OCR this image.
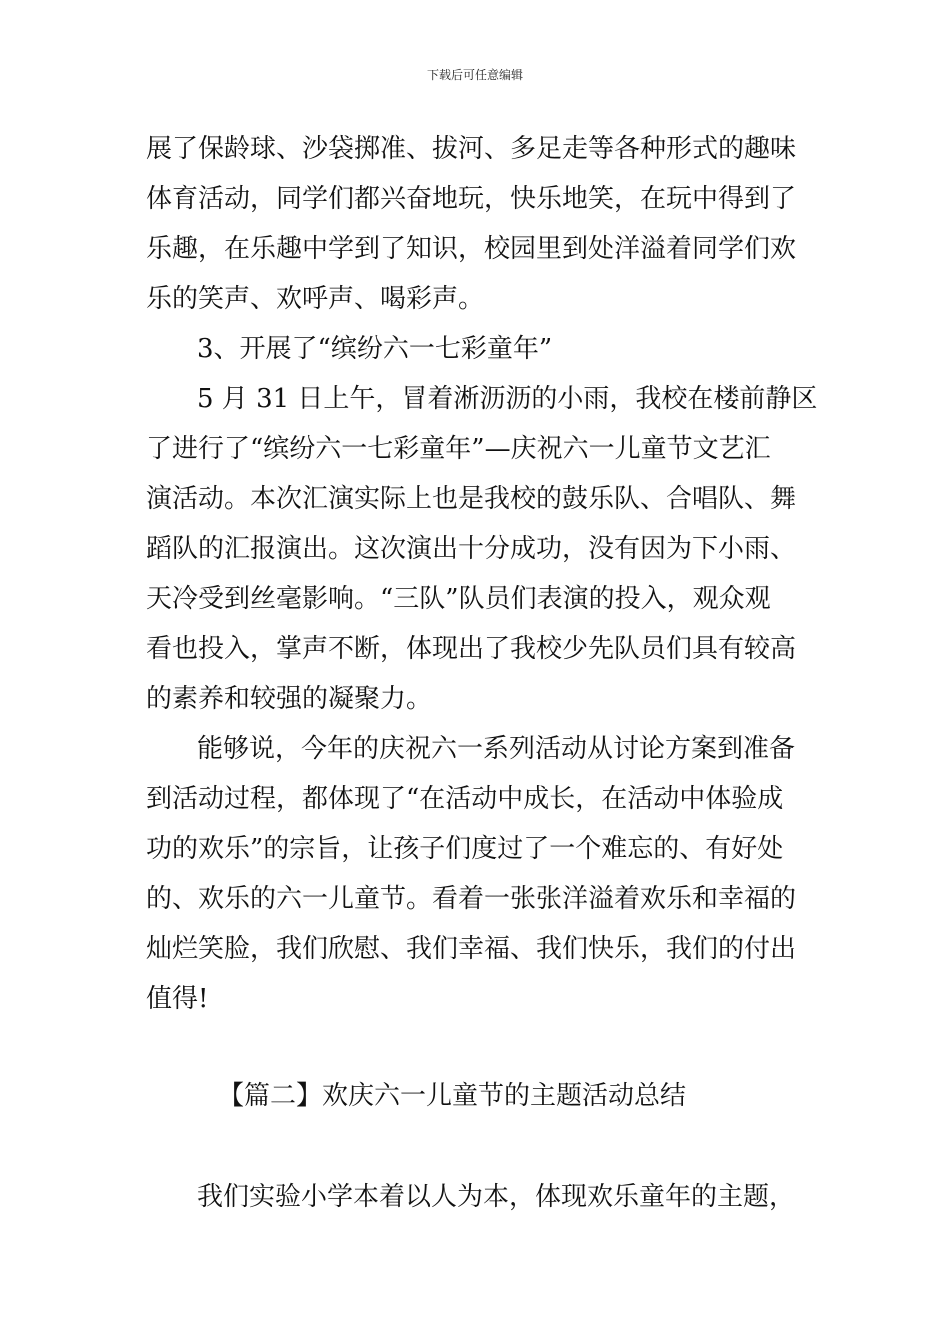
下载后可任意编辑
展了保龄球、沙袋掷准、拔河、多足走等各种形式的趣味
体育活动，同学们都兴奋地玩，快乐地笑，在玩中得到了
乐趣，在乐趣中学到了知识，校园里到处洋溢着同学们欢
乐的笑声、欢呼声、喝彩声。
3、开展了“缤纷六一七彩童年”
5 月 31 日上午，冒着淅沥沥的小雨，我校在楼前静区
了进行了“缤纷六一七彩童年”—庆祝六一儿童节文艺汇
演活动。本次汇演实际上也是我校的鼓乐队、合唱队、舞
蹈队的汇报演出。这次演出十分成功，没有因为下小雨、
天冷受到丝毫影响。“三队”队员们表演的投入，观众观
看也投入，掌声不断，体现出了我校少先队员们具有较高
的素养和较强的凝聚力。
能够说，今年的庆祝六一系列活动从讨论方案到准备
到活动过程，都体现了“在活动中成长，在活动中体验成
功的欢乐”的宗旨，让孩子们度过了一个难忘的、有好处
的、欢乐的六一儿童节。看着一张张洋溢着欢乐和幸福的
灿烂笑脸，我们欣慰、我们幸福、我们快乐，我们的付出
值得!
【篇二】欢庆六一儿童节的主题活动总结
我们实验小学本着以人为本，体现欢乐童年的主题，
